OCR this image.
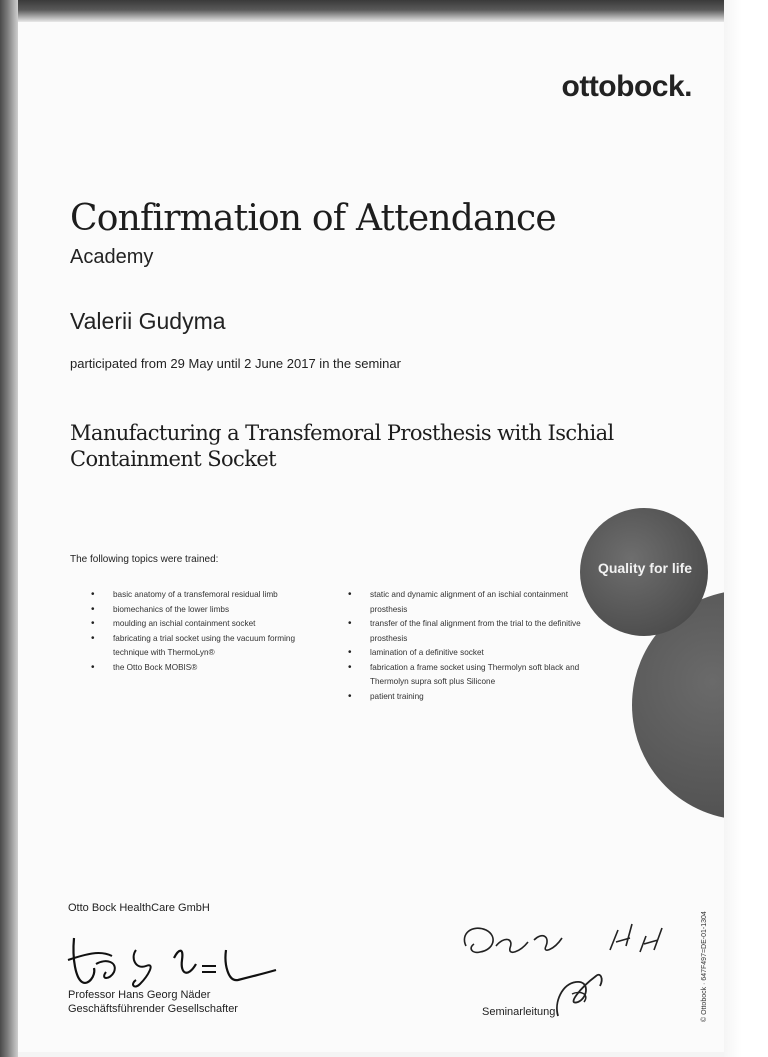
ottobock.
Confirmation of Attendance
Academy
Valerii Gudyma
participated from 29 May until 2 June 2017 in the seminar
Manufacturing a Transfemoral Prosthesis with Ischial Containment Socket
The following topics were trained:
• basic anatomy of a transfemoral residual limb
• biomechanics of the lower limbs
• moulding an ischial containment socket
• fabricating a trial socket using the vacuum forming technique with ThermoLyn®
• the Otto Bock MOBIS®
• static and dynamic alignment of an ischial containment prosthesis
• transfer of the final alignment from the trial to the definitive prosthesis
• lamination of a definitive socket
• fabrication a frame socket using Thermolyn soft black and Thermolyn supra soft plus Silicone
• patient training
Quality for life
Otto Bock HealthCare GmbH
Professor Hans Georg Näder
Geschäftsführender Gesellschafter	Seminarleitung	© Ottobock · 647F497=DE-01-1304
